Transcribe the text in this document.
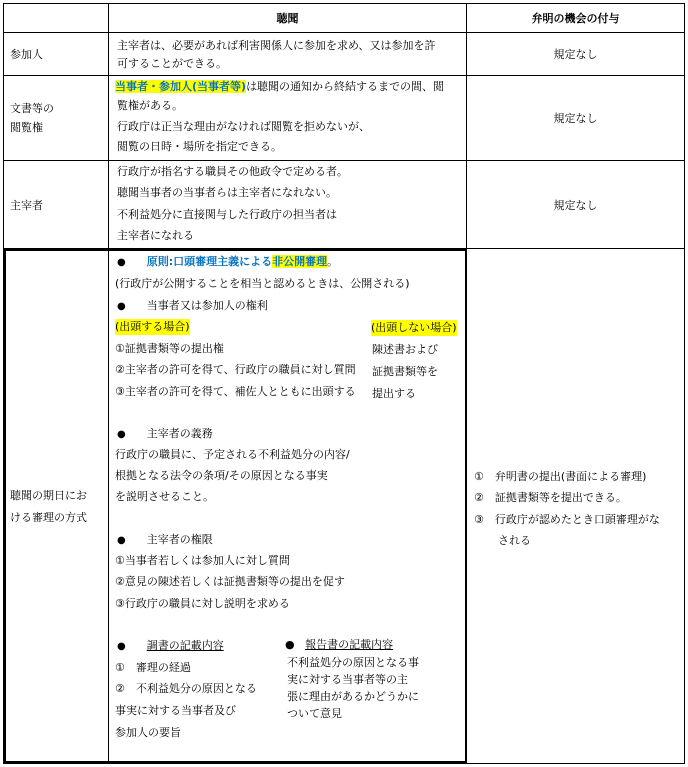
聴聞	弁明の機会の付与
参加人
主宰者は、必要があれば利害関係人に参加を求め、又は参加を許
可することができる。
規定なし
文書等の
閲覧権
当事者・参加人(当事者等)は聴聞の通知から終結するまでの間、閲
覧権がある。
行政庁は正当な理由がなければ閲覧を拒めないが、
閲覧の日時・場所を指定できる。
規定なし
主宰者
行政庁が指名する職員その他政令で定める者。
聴聞当事者の当事者らは主宰者になれない。
不利益処分に直接関与した行政庁の担当者は
主宰者になれる
規定なし
聴聞の期日にお
ける審理の方式
● 原則:口頭審理主義による非公開審理。
(行政庁が公開することを相当と認めるときは、公開される)
● 当事者又は参加人の権利
(出頭する場合)
①証拠書類等の提出権
②主宰者の許可を得て、行政庁の職員に対し質問
③主宰者の許可を得て、補佐人とともに出頭する
(出頭しない場合)
陳述書および
証拠書類等を
提出する
● 主宰者の義務
行政庁の職員に、予定される不利益処分の内容/
根拠となる法令の条項/その原因となる事実
を説明させること。
● 主宰者の権限
①当事者若しくは参加人に対し質問
②意見の陳述若しくは証拠書類等の提出を促す
③行政庁の職員に対し説明を求める
● 調書の記載内容
①　審理の経過
②　不利益処分の原因となる
事実に対する当事者及び
参加人の要旨
● 報告書の記載内容
不利益処分の原因となる事
実に対する当事者等の主
張に理由があるかどうかに
ついて意見
①　弁明書の提出(書面による審理)
②　証拠書類等を提出できる。
③　行政庁が認めたとき口頭審理がな
される
